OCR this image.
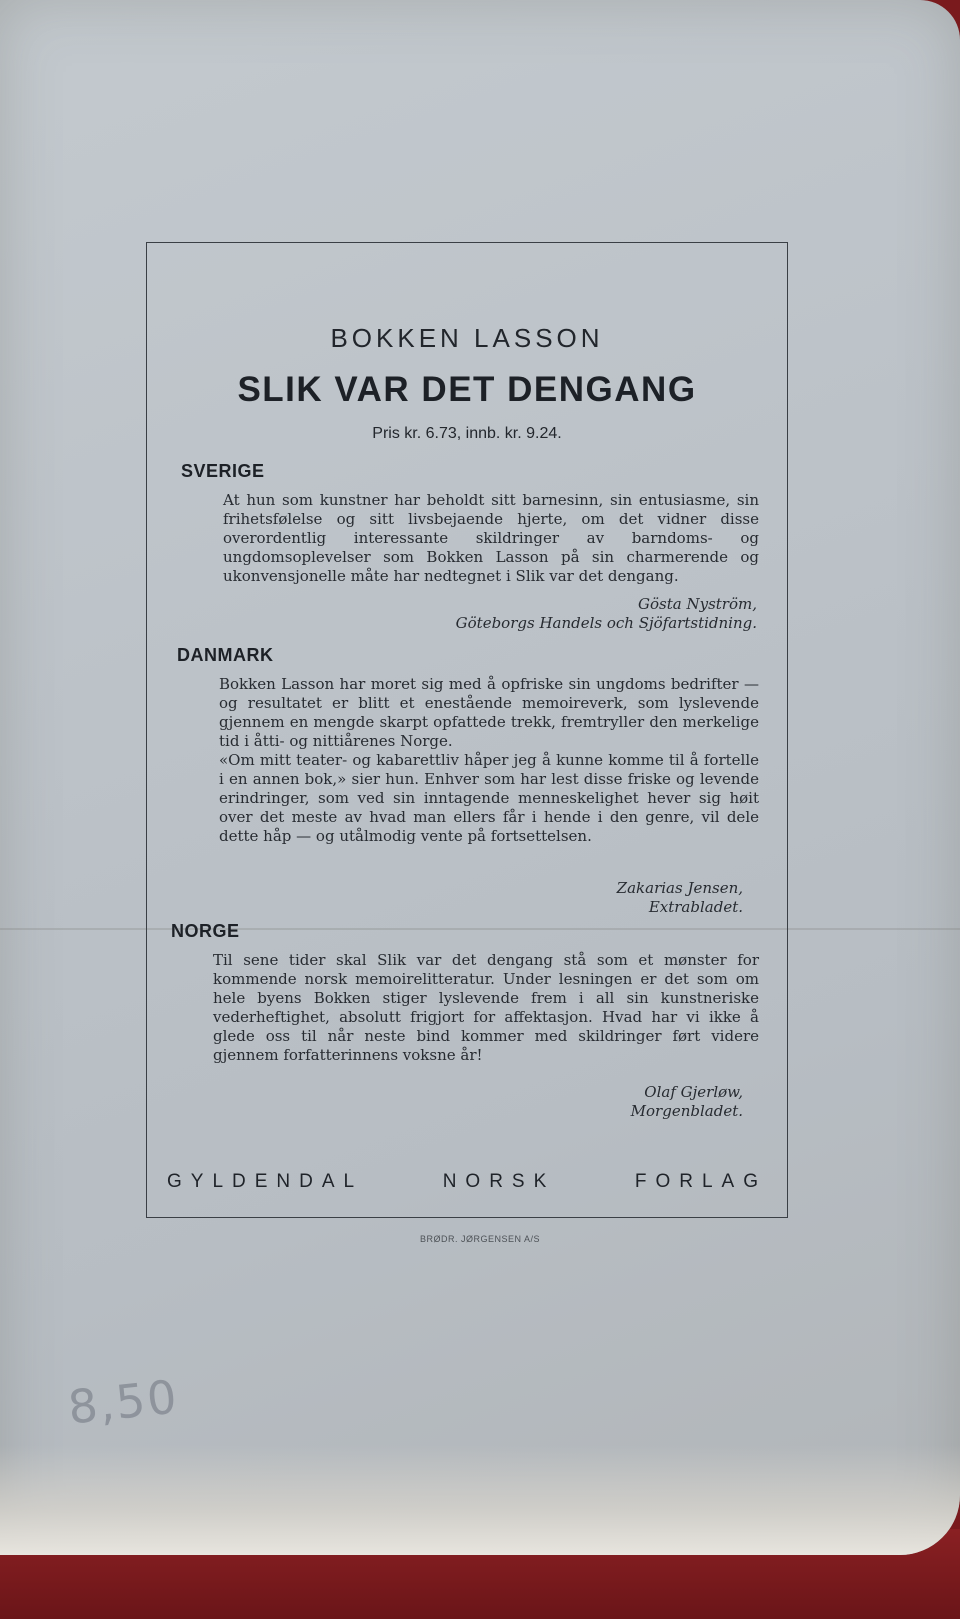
BOKKEN LASSON
SLIK VAR DET DENGANG
Pris kr. 6.73, innb. kr. 9.24.
SVERIGE

At hun som kunstner har beholdt sitt barnesinn, sin entusiasme, sin frihetsfølelse og sitt livsbejaende hjerte, om det vidner disse overordentlig interessante skildringer av barndoms- og ungdomsoplevelser som Bokken Lasson på sin charmerende og ukonvensjonelle måte har nedtegnet i Slik var det dengang.

Gösta Nyström,
Göteborgs Handels och Sjöfartstidning.
DANMARK

Bokken Lasson har moret sig med å opfriske sin ungdoms bedrifter — og resultatet er blitt et enestående memoireverk, som lyslevende gjennem en mengde skarpt opfattede trekk, fremtryller den merkelige tid i åtti- og nittiårenes Norge.

«Om mitt teater- og kabarettliv håper jeg å kunne komme til å fortelle i en annen bok,» sier hun. Enhver som har lest disse friske og levende erindringer, som ved sin inntagende menneskelighet hever sig høit over det meste av hvad man ellers får i hende i den genre, vil dele dette håp — og utålmodig vente på fortsettelsen.

Zakarias Jensen,
Extrabladet.
NORGE

Til sene tider skal Slik var det dengang stå som et mønster for kommende norsk memoirelitteratur. Under lesningen er det som om hele byens Bokken stiger lyslevende frem i all sin kunstneriske vederheftighet, absolutt frigjort for affektasjon. Hvad har vi ikke å glede oss til når neste bind kommer med skildringer ført videre gjennem forfatterinnens voksne år!

Olaf Gjerløw,
Morgenbladet.
GYLDENDAL	NORSK	FORLAG
BRØDR. JØRGENSEN A/S
8,50
